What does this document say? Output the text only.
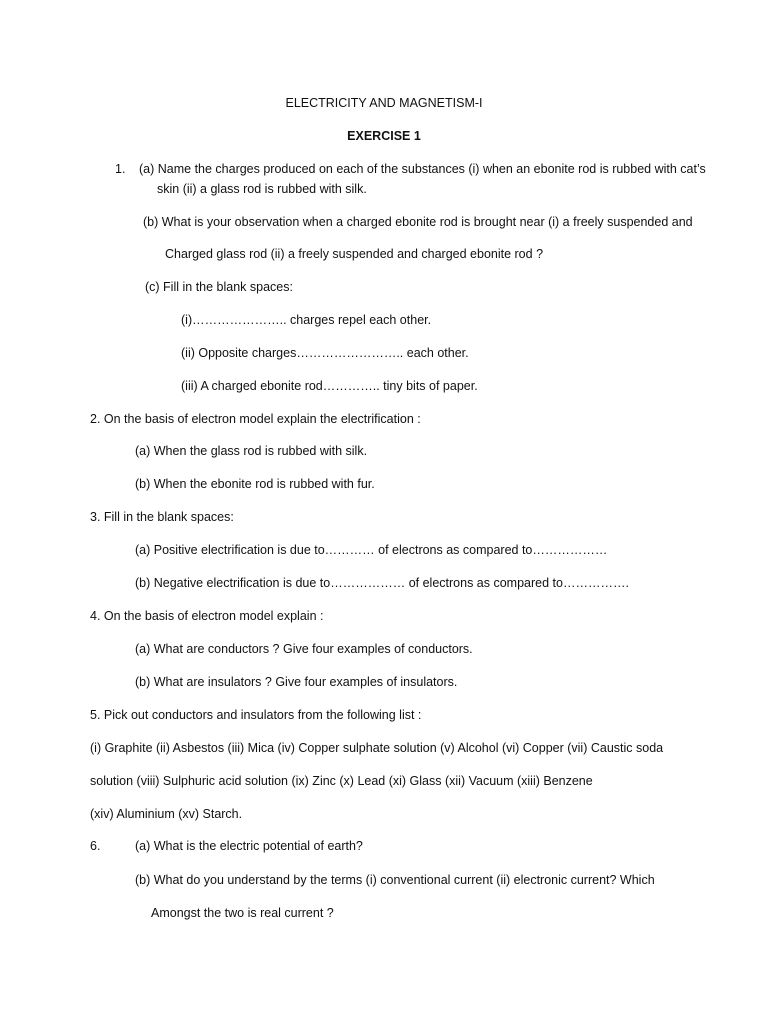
ELECTRICITY AND MAGNETISM-I
EXERCISE 1
1. (a) Name the charges produced on each of the substances (i) when an ebonite rod is rubbed with cat’s
skin (ii) a glass rod is rubbed with silk.
(b) What is your observation when a charged ebonite rod is brought near (i) a freely suspended and
Charged glass rod (ii) a freely suspended and charged ebonite rod ?
(c) Fill in the blank spaces:
(i)………………….. charges repel each other.
(ii) Opposite charges…………………….. each other.
(iii) A charged ebonite rod………….. tiny bits of paper.
2. On the basis of electron model explain the electrification :
(a) When the glass rod is rubbed with silk.
(b) When the ebonite rod is rubbed with fur.
3. Fill in the blank spaces:
(a) Positive electrification is due to………… of electrons as compared to………………
(b) Negative electrification is due to……………… of electrons as compared to…………….
4. On the basis of electron model explain :
(a) What are conductors ? Give four examples of conductors.
(b) What are insulators ? Give four examples of insulators.
5. Pick out conductors and insulators from the following list :
(i) Graphite (ii) Asbestos (iii) Mica (iv) Copper sulphate solution (v) Alcohol (vi) Copper (vii) Caustic soda
solution (viii) Sulphuric acid solution (ix) Zinc (x) Lead (xi) Glass (xii) Vacuum (xiii) Benzene
(xiv) Aluminium (xv) Starch.
6.	(a) What is the electric potential of earth?
(b) What do you understand by the terms (i) conventional current (ii) electronic current? Which
Amongst the two is real current ?
